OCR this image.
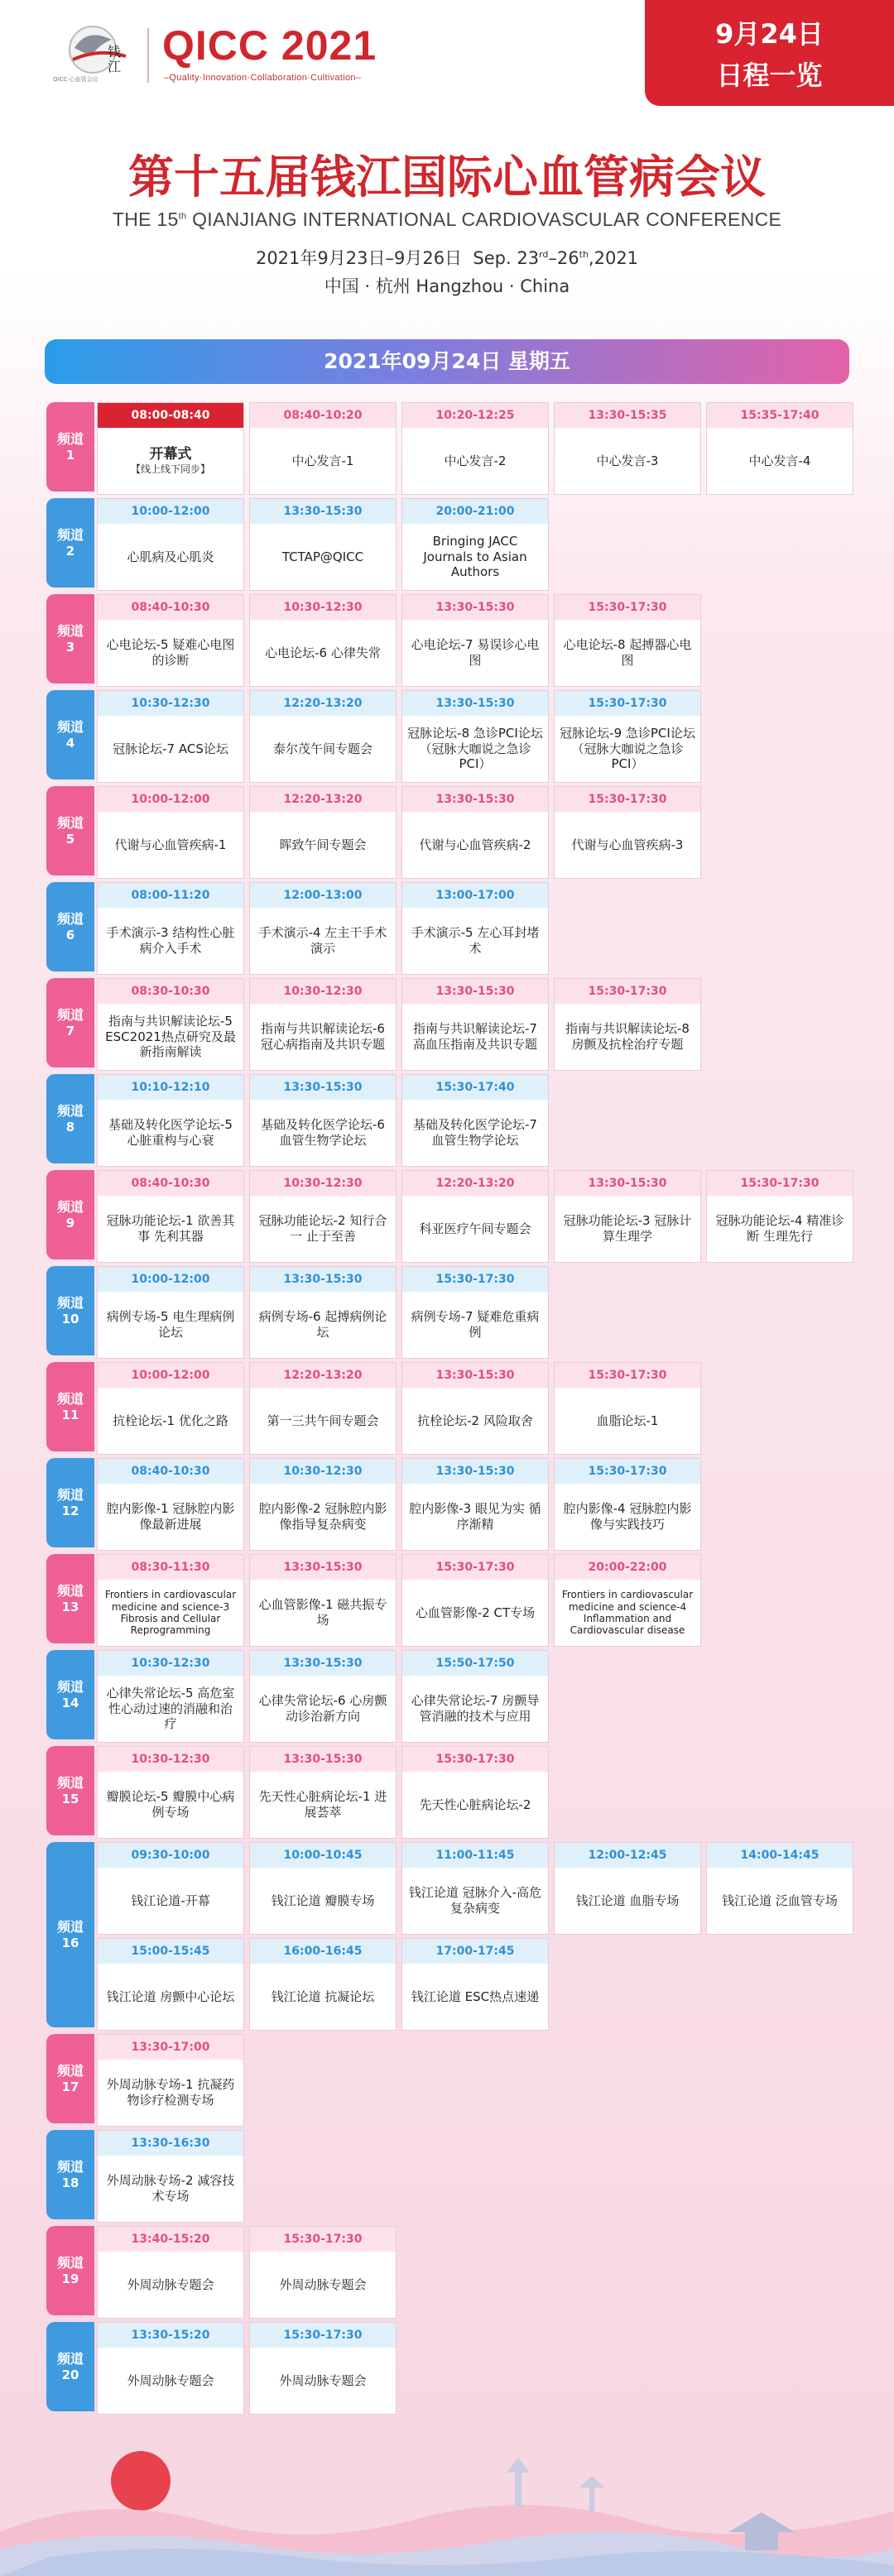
钱
江
QICC·心血管会议
QICC 2021
–Quality·Innovation·Collaboration·Cultivation–
9月24日
日程一览
第十五届钱江国际心血管病会议
THE 15th QIANJIANG INTERNATIONAL CARDIOVASCULAR CONFERENCE
2021年9月23日–9月26日  Sep. 23rd–26th,2021
中国 · 杭州 Hangzhou · China
2021年09月24日 星期五
频道
1
08:00-08:40
开幕式
【线上线下同步】
08:40-10:20
中心发言-1
10:20-12:25
中心发言-2
13:30-15:35
中心发言-3
15:35-17:40
中心发言-4
频道
2
10:00-12:00
心肌病及心肌炎
13:30-15:30
TCTAP@QICC
20:00-21:00
Bringing JACC Journals to Asian Authors
频道
3
08:40-10:30
心电论坛-5 疑难心电图的诊断
10:30-12:30
心电论坛-6 心律失常
13:30-15:30
心电论坛-7 易误诊心电图
15:30-17:30
心电论坛-8 起搏器心电图
频道
4
10:30-12:30
冠脉论坛-7 ACS论坛
12:20-13:20
泰尔茂午间专题会
13:30-15:30
冠脉论坛-8 急诊PCI论坛（冠脉大咖说之急诊PCI）
15:30-17:30
冠脉论坛-9 急诊PCI论坛（冠脉大咖说之急诊PCI）
频道
5
10:00-12:00
代谢与心血管疾病-1
12:20-13:20
晖致午间专题会
13:30-15:30
代谢与心血管疾病-2
15:30-17:30
代谢与心血管疾病-3
频道
6
08:00-11:20
手术演示-3 结构性心脏病介入手术
12:00-13:00
手术演示-4 左主干手术演示
13:00-17:00
手术演示-5 左心耳封堵术
频道
7
08:30-10:30
指南与共识解读论坛-5 ESC2021热点研究及最新指南解读
10:30-12:30
指南与共识解读论坛-6 冠心病指南及共识专题
13:30-15:30
指南与共识解读论坛-7 高血压指南及共识专题
15:30-17:30
指南与共识解读论坛-8 房颤及抗栓治疗专题
频道
8
10:10-12:10
基础及转化医学论坛-5 心脏重构与心衰
13:30-15:30
基础及转化医学论坛-6 血管生物学论坛
15:30-17:40
基础及转化医学论坛-7 血管生物学论坛
频道
9
08:40-10:30
冠脉功能论坛-1 欲善其事 先利其器
10:30-12:30
冠脉功能论坛-2 知行合一 止于至善
12:20-13:20
科亚医疗午间专题会
13:30-15:30
冠脉功能论坛-3 冠脉计算生理学
15:30-17:30
冠脉功能论坛-4 精准诊断 生理先行
频道
10
10:00-12:00
病例专场-5 电生理病例论坛
13:30-15:30
病例专场-6 起搏病例论坛
15:30-17:30
病例专场-7 疑难危重病例
频道
11
10:00-12:00
抗栓论坛-1 优化之路
12:20-13:20
第一三共午间专题会
13:30-15:30
抗栓论坛-2 风险取舍
15:30-17:30
血脂论坛-1
频道
12
08:40-10:30
腔内影像-1 冠脉腔内影像最新进展
10:30-12:30
腔内影像-2 冠脉腔内影像指导复杂病变
13:30-15:30
腔内影像-3 眼见为实 循序渐精
15:30-17:30
腔内影像-4 冠脉腔内影像与实践技巧
频道
13
08:30-11:30
Frontiers in cardiovascular medicine and science-3 Fibrosis and Cellular Reprogramming
13:30-15:30
心血管影像-1 磁共振专场
15:30-17:30
心血管影像-2 CT专场
20:00-22:00
Frontiers in cardiovascular medicine and science-4 Inflammation and Cardiovascular disease
频道
14
10:30-12:30
心律失常论坛-5 高危室性心动过速的消融和治疗
13:30-15:30
心律失常论坛-6 心房颤动诊治新方向
15:50-17:50
心律失常论坛-7 房颤导管消融的技术与应用
频道
15
10:30-12:30
瓣膜论坛-5 瓣膜中心病例专场
13:30-15:30
先天性心脏病论坛-1 进展荟萃
15:30-17:30
先天性心脏病论坛-2
频道
16
09:30-10:00
钱江论道-开幕
10:00-10:45
钱江论道 瓣膜专场
11:00-11:45
钱江论道 冠脉介入-高危复杂病变
12:00-12:45
钱江论道 血脂专场
14:00-14:45
钱江论道 泛血管专场
15:00-15:45
钱江论道 房颤中心论坛
16:00-16:45
钱江论道 抗凝论坛
17:00-17:45
钱江论道 ESC热点速递
频道
17
13:30-17:00
外周动脉专场-1 抗凝药物诊疗检测专场
频道
18
13:30-16:30
外周动脉专场-2 减容技术专场
频道
19
13:40-15:20
外周动脉专题会
15:30-17:30
外周动脉专题会
频道
20
13:30-15:20
外周动脉专题会
15:30-17:30
外周动脉专题会
